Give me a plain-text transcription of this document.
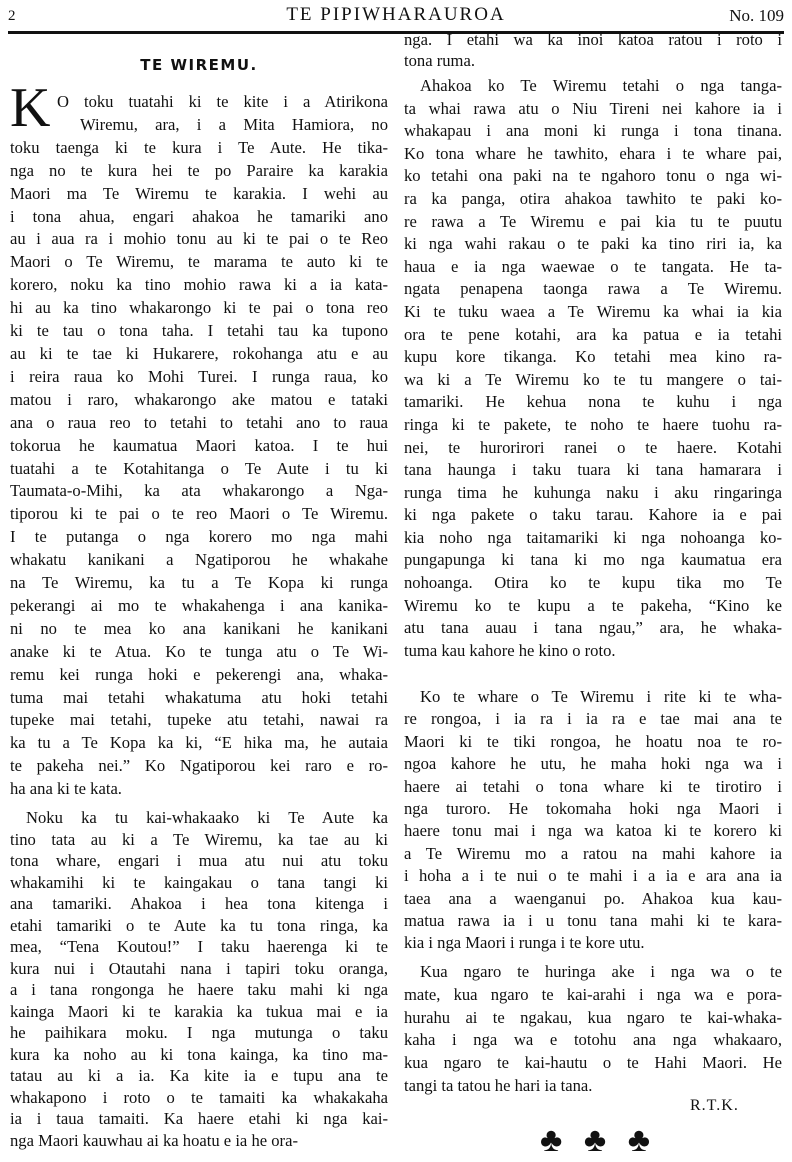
2	TE PIPIWHARAUROA	No. 109
TE WIREMU.
K O toku tuatahi ki te kite i a Atirikona
Wiremu, ara, i a Mita Hamiora, no
toku taenga ki te kura i Te Aute. He tika-
nga no te kura hei te po Paraire ka karakia
Maori ma Te Wiremu te karakia. I wehi au
i tona ahua, engari ahakoa he tamariki ano
au i aua ra i mohio tonu au ki te pai o te Reo
Maori o Te Wiremu, te marama te auto ki te
korero, noku ka tino mohio rawa ki a ia kata-
hi au ka tino whakarongo ki te pai o tona reo
ki te tau o tona taha. I tetahi tau ka tupono
au ki te tae ki Hukarere, rokohanga atu e au
i reira raua ko Mohi Turei. I runga raua, ko
matou i raro, whakarongo ake matou e tataki
ana o raua reo to tetahi to tetahi ano to raua
tokorua he kaumatua Maori katoa. I te hui
tuatahi a te Kotahitanga o Te Aute i tu ki
Taumata-o-Mihi, ka ata whakarongo a Nga-
tiporou ki te pai o te reo Maori o Te Wiremu.
I te putanga o nga korero mo nga mahi
whakatu kanikani a Ngatiporou he whakahe
na Te Wiremu, ka tu a Te Kopa ki runga
pekerangi ai mo te whakahenga i ana kanika-
ni no te mea ko ana kanikani he kanikani
anake ki te Atua. Ko te tunga atu o Te Wi-
remu kei runga hoki e pekerengi ana, whaka-
tuma mai tetahi whakatuma atu hoki tetahi
tupeke mai tetahi, tupeke atu tetahi, nawai ra
ka tu a Te Kopa ka ki, “E hika ma, he autaia
te pakeha nei.” Ko Ngatiporou kei raro e ro-
ha ana ki te kata.
Noku ka tu kai-whakaako ki Te Aute ka
tino tata au ki a Te Wiremu, ka tae au ki
tona whare, engari i mua atu nui atu toku
whakamihi ki te kaingakau o tana tangi ki
ana tamariki. Ahakoa i hea tona kitenga i
etahi tamariki o te Aute ka tu tona ringa, ka
mea, “Tena Koutou!” I taku haerenga ki te
kura nui i Otautahi nana i tapiri toku oranga,
a i tana rongonga he haere taku mahi ki nga
kainga Maori ki te karakia ka tukua mai e ia
he paihikara moku. I nga mutunga o taku
kura ka noho au ki tona kainga, ka tino ma-
tatau au ki a ia. Ka kite ia e tupu ana te
whakapono i roto o te tamaiti ka whakakaha
ia i taua tamaiti. Ka haere etahi ki nga kai-
nga Maori kauwhau ai ka hoatu e ia he ora-
nga. I etahi wa ka inoi katoa ratou i roto i
tona ruma.
Ahakoa ko Te Wiremu tetahi o nga tanga-
ta whai rawa atu o Niu Tireni nei kahore ia i
whakapau i ana moni ki runga i tona tinana.
Ko tona whare he tawhito, ehara i te whare pai,
ko tetahi ona paki na te ngahoro tonu o nga wi-
ra ka panga, otira ahakoa tawhito te paki ko-
re rawa a Te Wiremu e pai kia tu te puutu
ki nga wahi rakau o te paki ka tino riri ia, ka
haua e ia nga waewae o te tangata. He ta-
ngata penapena taonga rawa a Te Wiremu.
Ki te tuku waea a Te Wiremu ka whai ia kia
ora te pene kotahi, ara ka patua e ia tetahi
kupu kore tikanga. Ko tetahi mea kino ra-
wa ki a Te Wiremu ko te tu mangere o tai-
tamariki. He kehua nona te kuhu i nga
ringa ki te pakete, te noho te haere tuohu ra-
nei, te hurorirori ranei o te haere. Kotahi
tana haunga i taku tuara ki tana hamarara i
runga tima he kuhunga naku i aku ringaringa
ki nga pakete o taku tarau. Kahore ia e pai
kia noho nga taitamariki ki nga nohoanga ko-
pungapunga ki tana ki mo nga kaumatua era
nohoanga. Otira ko te kupu tika mo Te
Wiremu ko te kupu a te pakeha, “Kino ke
atu tana auau i tana ngau,” ara, he whaka-
tuma kau kahore he kino o roto.
Ko te whare o Te Wiremu i rite ki te wha-
re rongoa, i ia ra i ia ra e tae mai ana te
Maori ki te tiki rongoa, he hoatu noa te ro-
ngoa kahore he utu, he maha hoki nga wa i
haere ai tetahi o tona whare ki te tirotiro i
nga turoro. He tokomaha hoki nga Maori i
haere tonu mai i nga wa katoa ki te korero ki
a Te Wiremu mo a ratou na mahi kahore ia
i hoha a i te nui o te mahi i a ia e ara ana ia
taea ana a waenganui po. Ahakoa kua kau-
matua rawa ia i u tonu tana mahi ki te kara-
kia i nga Maori i runga i te kore utu.
Kua ngaro te huringa ake i nga wa o te
mate, kua ngaro te kai-arahi i nga wa e pora-
hurahu ai te ngakau, kua ngaro te kai-whaka-
kaha i nga wa e totohu ana nga whakaaro,
kua ngaro te kai-hautu o te Hahi Maori. He
tangi ta tatou he hari ia tana.
R.T.K.
♣ ♣ ♣
